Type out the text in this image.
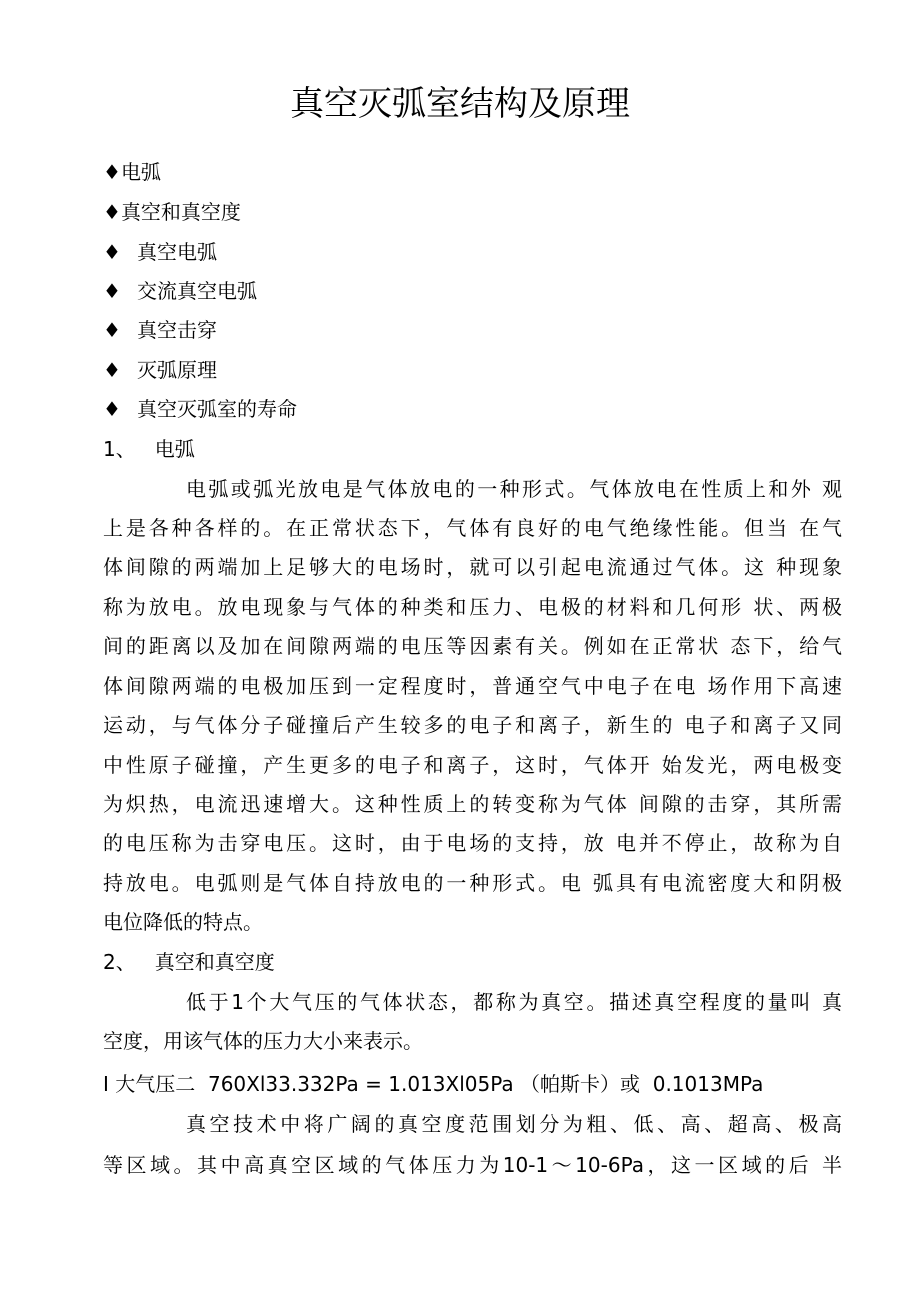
真空灭弧室结构及原理
♦电弧
♦真空和真空度
♦ 真空电弧
♦ 交流真空电弧
♦ 真空击穿
♦ 灭弧原理
♦ 真空灭弧室的寿命
1、   电弧
电弧或弧光放电是气体放电的一种形式。气体放电在性质上和外 观
上是各种各样的。在正常状态下，气体有良好的电气绝缘性能。但当 在气
体间隙的两端加上足够大的电场时，就可以引起电流通过气体。这 种现象
称为放电。放电现象与气体的种类和压力、电极的材料和几何形 状、两极
间的距离以及加在间隙两端的电压等因素有关。例如在正常状 态下，给气
体间隙两端的电极加压到一定程度时，普通空气中电子在电 场作用下高速
运动，与气体分子碰撞后产生较多的电子和离子，新生的 电子和离子又同
中性原子碰撞，产生更多的电子和离子，这时，气体开 始发光，两电极变
为炽热，电流迅速增大。这种性质上的转变称为气体 间隙的击穿，其所需
的电压称为击穿电压。这时，由于电场的支持，放 电并不停止，故称为自
持放电。电弧则是气体自持放电的一种形式。电 弧具有电流密度大和阴极
电位降低的特点。
2、   真空和真空度
低于1个大气压的气体状态，都称为真空。描述真空程度的量叫 真
空度，用该气体的压力大小来表示。
I 大气压二  760Xl33.332Pa = 1.013Xl05Pa （帕斯卡）或  0.1013MPa
真空技术中将广阔的真空度范围划分为粗、低、高、超高、极高
等区域。其中高真空区域的气体压力为10-1〜10-6Pa，这一区域的后 半
